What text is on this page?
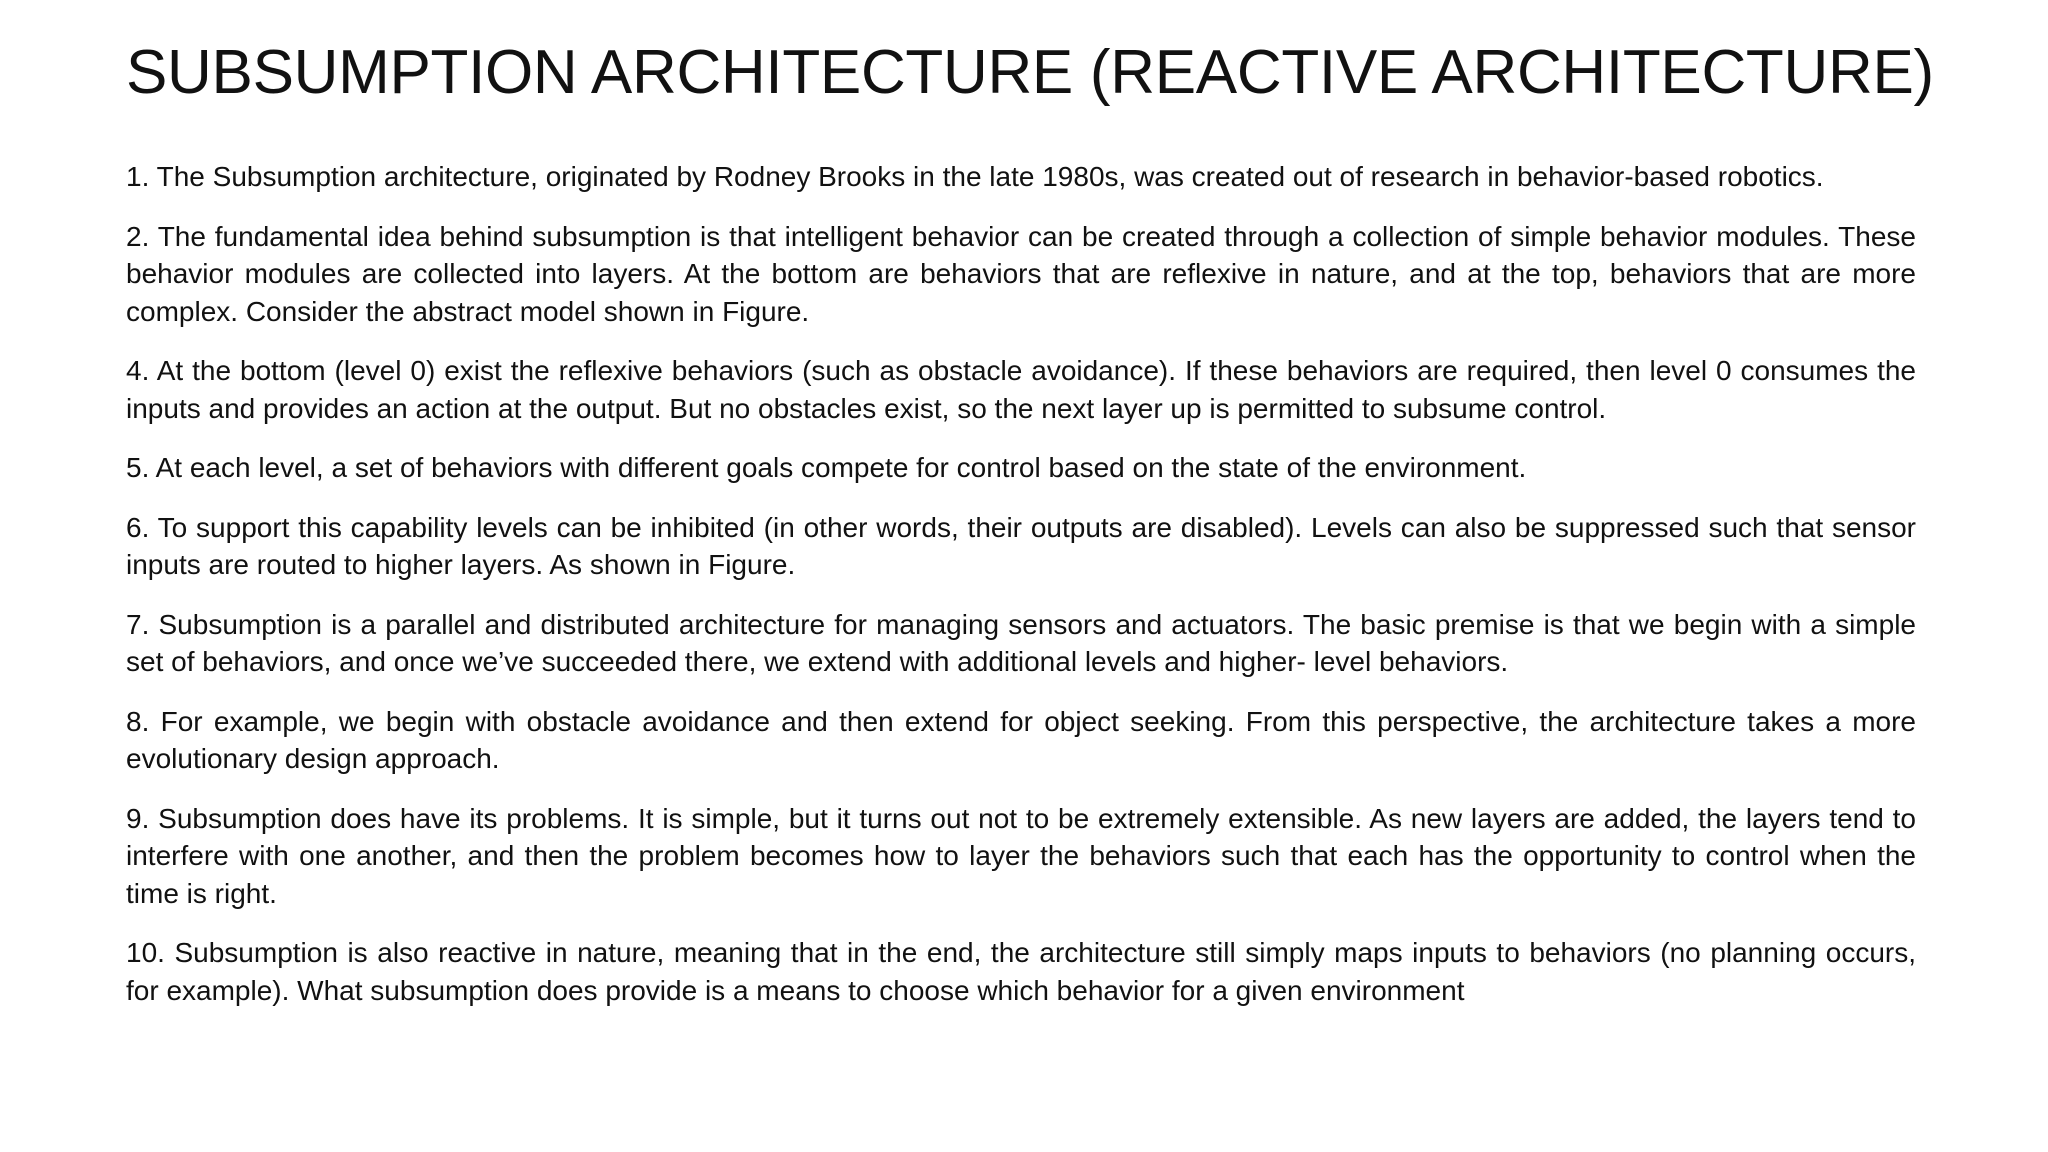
SUBSUMPTION ARCHITECTURE (REACTIVE ARCHITECTURE)

1. The Subsumption architecture, originated by Rodney Brooks in the late 1980s, was created out of research in behavior-based robotics.

2. The fundamental idea behind subsumption is that intelligent behavior can be created through a collection of simple behavior modules. These behavior modules are collected into layers. At the bottom are behaviors that are reflexive in nature, and at the top, behaviors that are more complex. Consider the abstract model shown in Figure.

4. At the bottom (level 0) exist the reflexive behaviors (such as obstacle avoidance). If these behaviors are required, then level 0 consumes the inputs and provides an action at the output. But no obstacles exist, so the next layer up is permitted to subsume control.

5. At each level, a set of behaviors with different goals compete for control based on the state of the environment.

6. To support this capability levels can be inhibited (in other words, their outputs are disabled). Levels can also be suppressed such that sensor inputs are routed to higher layers. As shown in Figure.

7. Subsumption is a parallel and distributed architecture for managing sensors and actuators. The basic premise is that we begin with a simple set of behaviors, and once we’ve succeeded there, we extend with additional levels and higher- level behaviors.

8. For example, we begin with obstacle avoidance and then extend for object seeking. From this perspective, the architecture takes a more evolutionary design approach.

9. Subsumption does have its problems. It is simple, but it turns out not to be extremely extensible. As new layers are added, the layers tend to interfere with one another, and then the problem becomes how to layer the behaviors such that each has the opportunity to control when the time is right.

10. Subsumption is also reactive in nature, meaning that in the end, the architecture still simply maps inputs to behaviors (no planning occurs, for example). What subsumption does provide is a means to choose which behavior for a given environment
